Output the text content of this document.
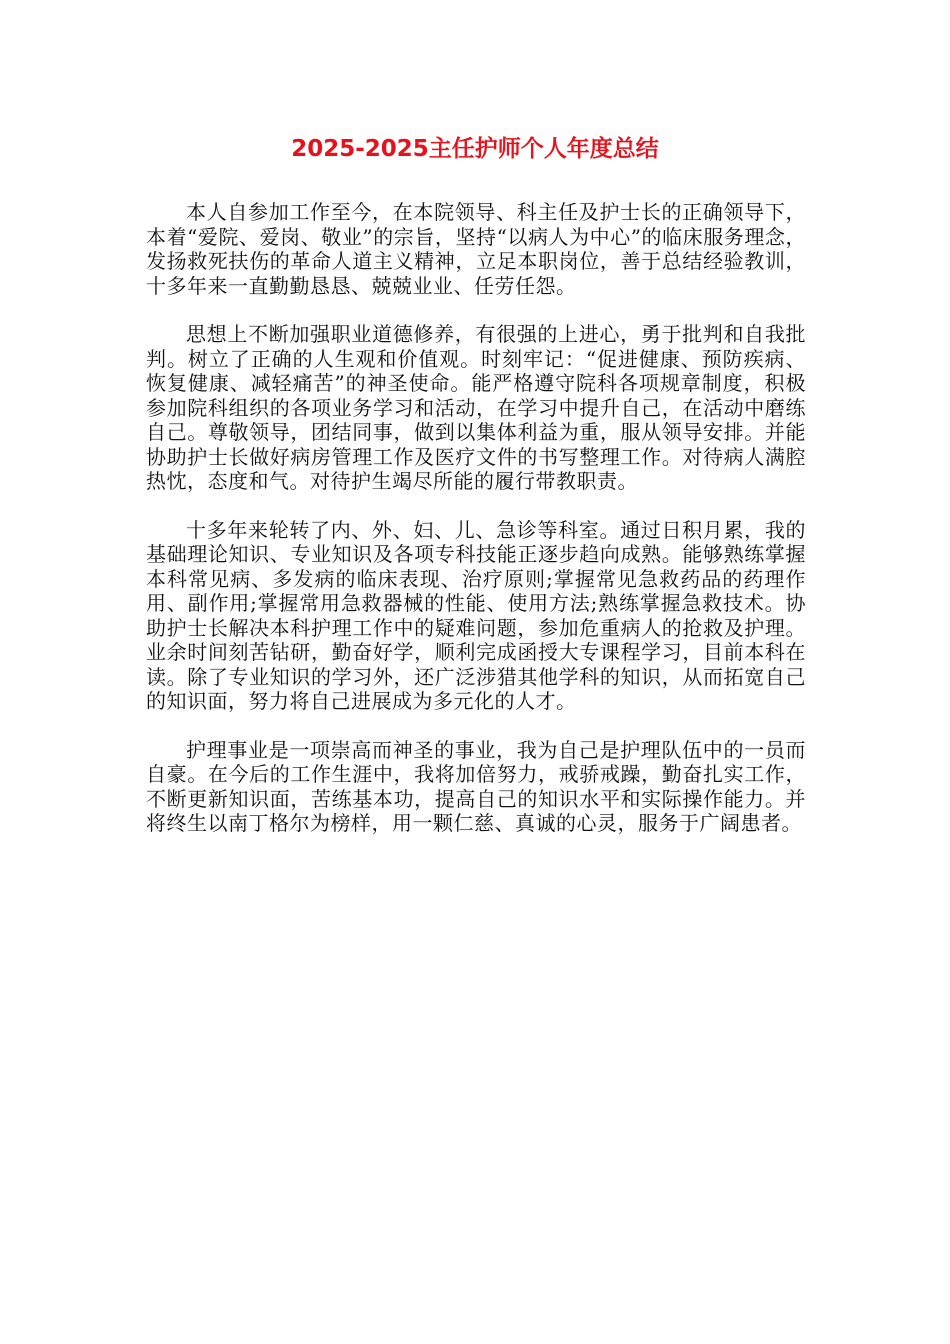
2025-2025主任护师个人年度总结

本人自参加工作至今，在本院领导、科主任及护士长的正确领导下，本着“爱院、爱岗、敬业”的宗旨，坚持“以病人为中心”的临床服务理念，发扬救死扶伤的革命人道主义精神，立足本职岗位，善于总结经验教训，十多年来一直勤勤恳恳、兢兢业业、任劳任怨。

思想上不断加强职业道德修养，有很强的上进心，勇于批判和自我批判。树立了正确的人生观和价值观。时刻牢记：“促进健康、预防疾病、恢复健康、减轻痛苦”的神圣使命。能严格遵守院科各项规章制度，积极参加院科组织的各项业务学习和活动，在学习中提升自己，在活动中磨练自己。尊敬领导，团结同事，做到以集体利益为重，服从领导安排。并能协助护士长做好病房管理工作及医疗文件的书写整理工作。对待病人满腔热忱，态度和气。对待护生竭尽所能的履行带教职责。

十多年来轮转了内、外、妇、儿、急诊等科室。通过日积月累，我的基础理论知识、专业知识及各项专科技能正逐步趋向成熟。能够熟练掌握本科常见病、多发病的临床表现、治疗原则;掌握常见急救药品的药理作用、副作用;掌握常用急救器械的性能、使用方法;熟练掌握急救技术。协助护士长解决本科护理工作中的疑难问题，参加危重病人的抢救及护理。业余时间刻苦钻研，勤奋好学，顺利完成函授大专课程学习，目前本科在读。除了专业知识的学习外，还广泛涉猎其他学科的知识，从而拓宽自己的知识面，努力将自己进展成为多元化的人才。

护理事业是一项崇高而神圣的事业，我为自己是护理队伍中的一员而自豪。在今后的工作生涯中，我将加倍努力，戒骄戒躁，勤奋扎实工作，不断更新知识面，苦练基本功，提高自己的知识水平和实际操作能力。并将终生以南丁格尔为榜样，用一颗仁慈、真诚的心灵，服务于广阔患者。
